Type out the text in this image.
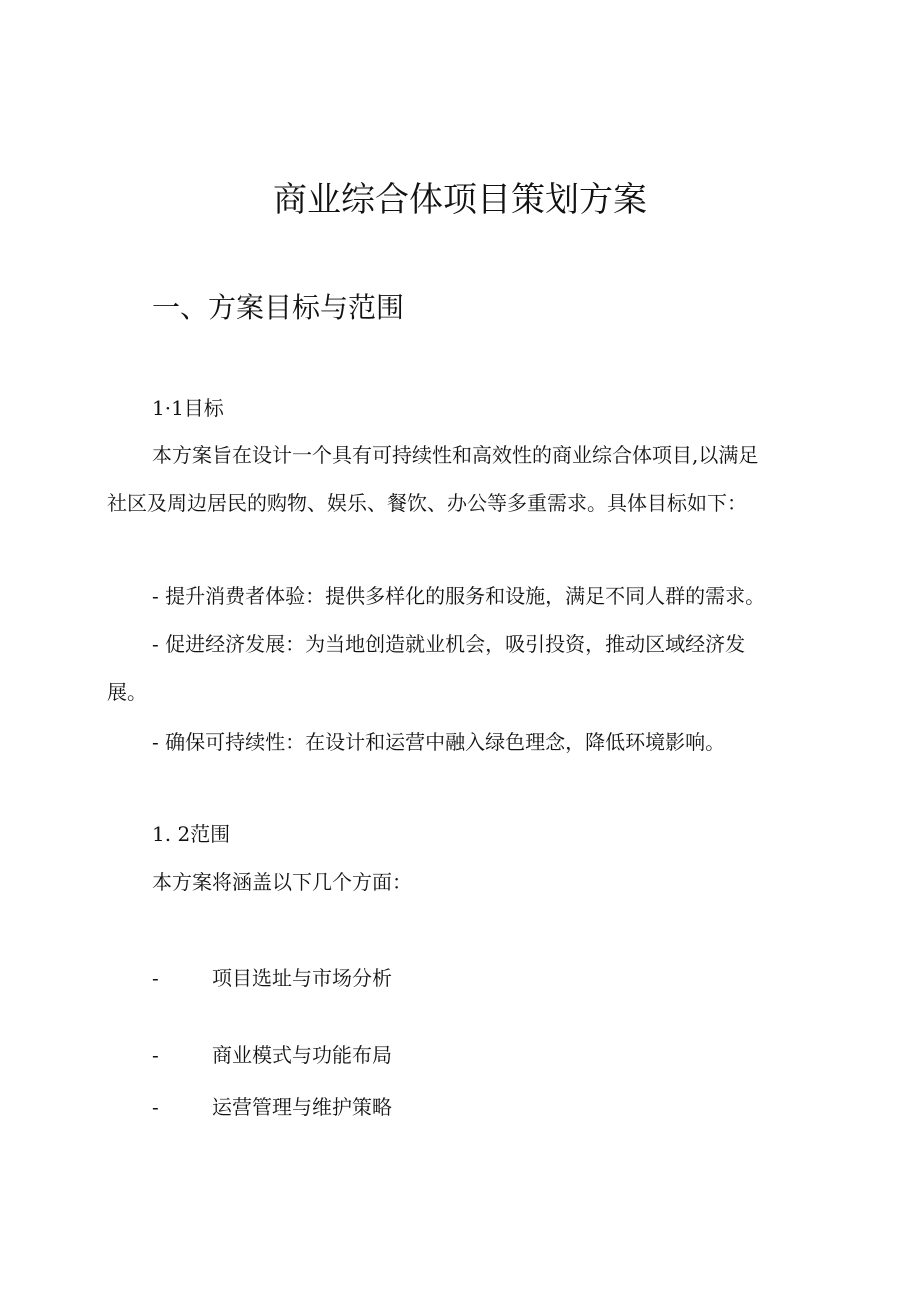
商业综合体项目策划方案
一、方案目标与范围
1·1目标
本方案旨在设计一个具有可持续性和高效性的商业综合体项目,以满足
社区及周边居民的购物、娱乐、餐饮、办公等多重需求。具体目标如下：
- 提升消费者体验：提供多样化的服务和设施，满足不同人群的需求。
- 促进经济发展：为当地创造就业机会，吸引投资，推动区域经济发
展。
- 确保可持续性：在设计和运营中融入绿色理念，降低环境影响。
1. 2范围
本方案将涵盖以下几个方面：
-	项目选址与市场分析
-	商业模式与功能布局
-	运营管理与维护策略
